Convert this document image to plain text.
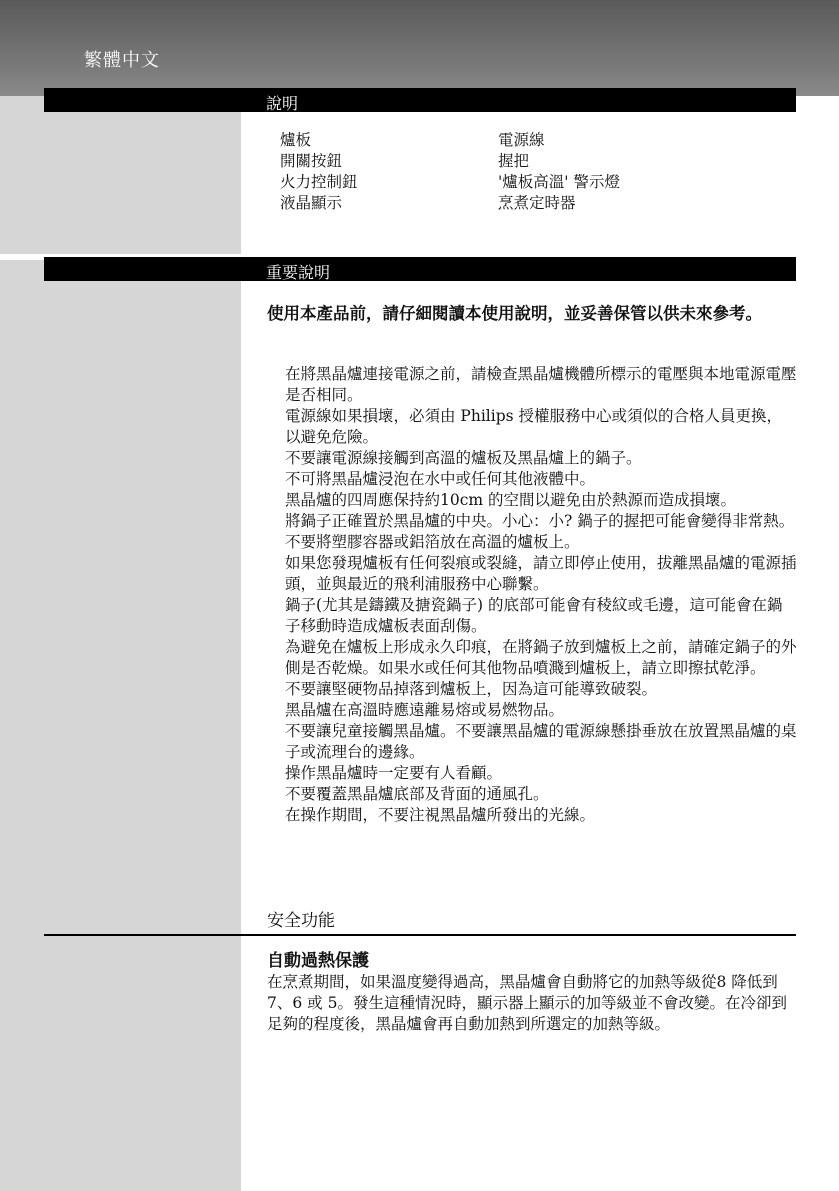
繁體中文
說明
爐板	電源線
開關按鈕	握把
火力控制鈕	'爐板高溫' 警示燈
液晶顯示	烹煮定時器
重要說明
使用本產品前，請仔細閱讀本使用說明，並妥善保管以供未來參考。

在將黑晶爐連接電源之前，請檢查黑晶爐機體所標示的電壓與本地電源電壓是否相同。

電源線如果損壞，必須由 Philips 授權服務中心或須似的合格人員更換，以避免危險。

不要讓電源線接觸到高溫的爐板及黑晶爐上的鍋子。

不可將黑晶爐浸泡在水中或任何其他液體中。

黑晶爐的四周應保持約10cm 的空間以避免由於熱源而造成損壞。

將鍋子正確置於黑晶爐的中央。小心：小? 鍋子的握把可能會變得非常熱。

不要將塑膠容器或鋁箔放在高溫的爐板上。

如果您發現爐板有任何裂痕或裂縫，請立即停止使用，拔離黑晶爐的電源插頭，並與最近的飛利浦服務中心聯繫。

鍋子(尤其是鑄鐵及搪瓷鍋子) 的底部可能會有稜紋或毛邊，這可能會在鍋子移動時造成爐板表面刮傷。

為避免在爐板上形成永久印痕，在將鍋子放到爐板上之前，請確定鍋子的外側是否乾燥。如果水或任何其他物品噴濺到爐板上，請立即擦拭乾淨。

不要讓堅硬物品掉落到爐板上，因為這可能導致破裂。

黑晶爐在高溫時應遠離易熔或易燃物品。

不要讓兒童接觸黑晶爐。不要讓黑晶爐的電源線懸掛垂放在放置黑晶爐的桌子或流理台的邊緣。

操作黑晶爐時一定要有人看顧。

不要覆蓋黑晶爐底部及背面的通風孔。

在操作期間，不要注視黑晶爐所發出的光線。

安全功能
自動過熱保護

在烹煮期間，如果溫度變得過高，黑晶爐會自動將它的加熱等級從8 降低到 7、6 或 5。發生這種情況時，顯示器上顯示的加等級並不會改變。在冷卻到足夠的程度後，黑晶爐會再自動加熱到所選定的加熱等級。
